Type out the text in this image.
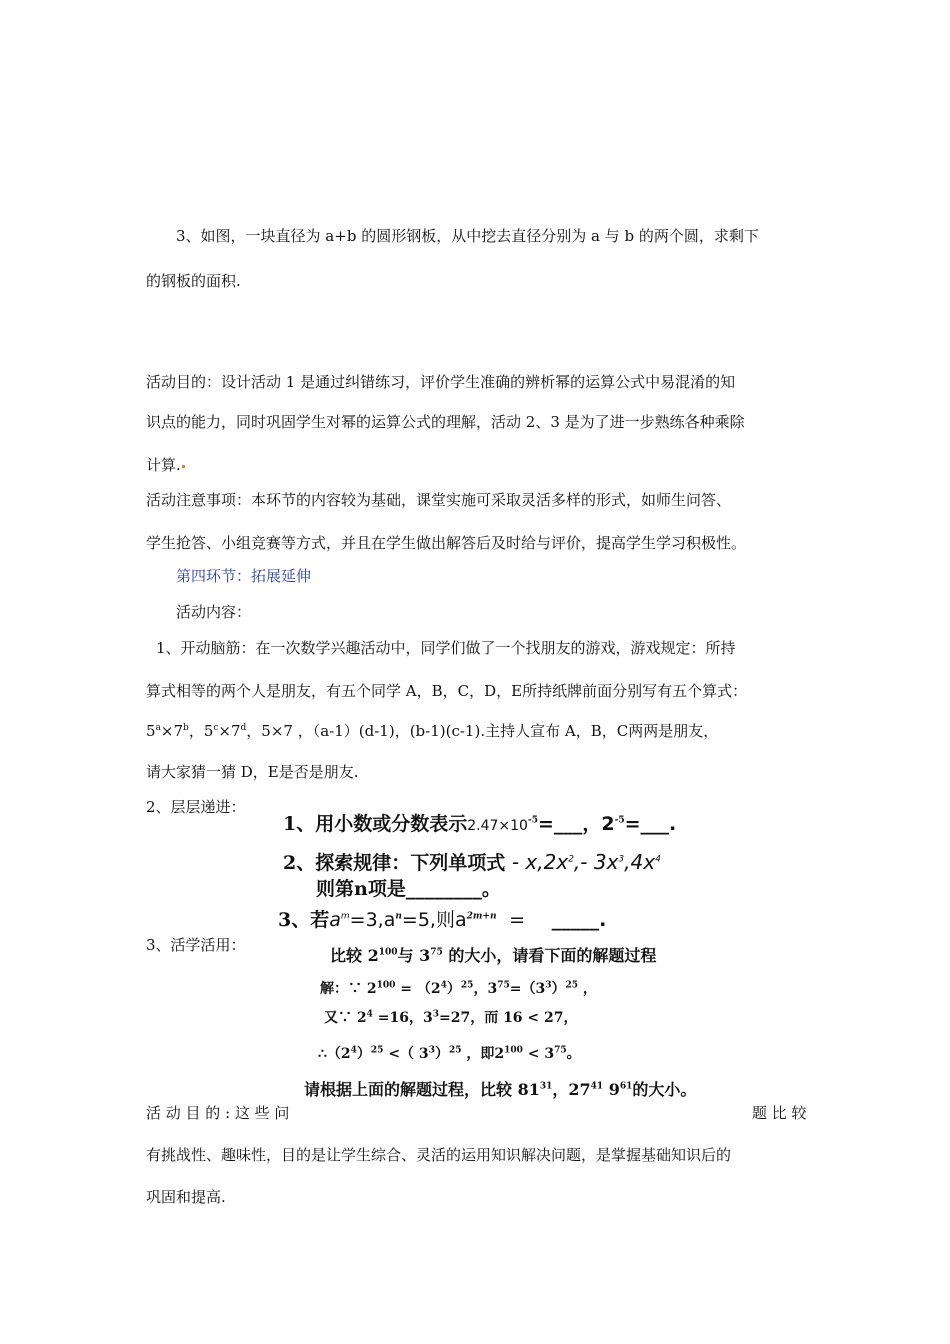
3、如图，一块直径为 a+b 的圆形钢板，从中挖去直径分别为 a 与 b 的两个圆，求剩下
的钢板的面积.
活动目的：设计活动 1 是通过纠错练习，评价学生准确的辨析幂的运算公式中易混淆的知
识点的能力，同时巩固学生对幂的运算公式的理解，活动 2、3 是为了进一步熟练各种乘除
计算.
活动注意事项：本环节的内容较为基础，课堂实施可采取灵活多样的形式，如师生问答、
学生抢答、小组竞赛等方式，并且在学生做出解答后及时给与评价，提高学生学习积极性。
第四环节：拓展延伸
活动内容：
1、开动脑筋：在一次数学兴趣活动中，同学们做了一个找朋友的游戏，游戏规定：所持
算式相等的两个人是朋友，有五个同学 A，B，C，D，E所持纸牌前面分别写有五个算式：
$5^a\times 7^b$，$5^c\times 7^d$，5×7 ，（a-1）(d-1)，(b-1)(c-1).主持人宣布 A，B，C两两是朋友，
请大家猜一猜 D，E是否是朋友.
2、层层递进：
1、用小数或分数表示$2.47\times 10^{-5}=\_\_\_$，$2^{-5}=\_\_\_$.
2、探索规律：下列单项式 - $x,2x^2,-$ $3x^3,4x^4$
则第n项是________。
3、若$a^m=3,a^n=5$,则$a^{2m+n}$ = _____.
3、活学活用：
比较 $2^{100}$与 $3^{75}$ 的大小，请看下面的解题过程
解：∵ $2^{100} = (2^4)^{25}$，$3^{75}=(3^3)^{25}$ ，
又∵ $2^4 =16$，$3^3=27$，而 16 < 27，
$\therefore(2^4)^{25}$ <（ $3^3)^{25}$ ，即$2^{100} < 3^{75}$。
请根据上面的解题过程，比较 $81^{31}$，$27^{41}$ $9^{61}$的大小。
活 动 目 的 : 这 些 问	题 比 较
有挑战性、趣味性，目的是让学生综合、灵活的运用知识解决问题，是掌握基础知识后的
巩固和提高.
